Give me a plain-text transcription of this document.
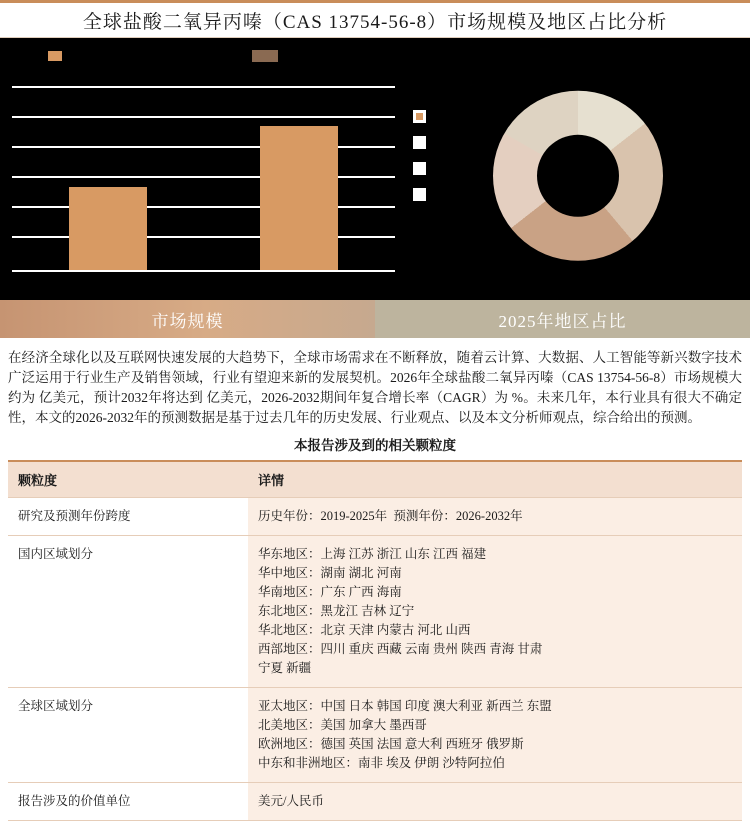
全球盐酸二氧异丙嗪（CAS 13754-56-8）市场规模及地区占比分析

市场规模	2025年地区占比
在经济全球化以及互联网快速发展的大趋势下，全球市场需求在不断释放，随着云计算、大数据、人工智能等新兴数字技术广泛运用于行业生产及销售领域，行业有望迎来新的发展契机。2026年全球盐酸二氧异丙嗪（CAS 13754-56-8）市场规模大约为 亿美元，预计2032年将达到 亿美元，2026-2032期间年复合增长率（CAGR）为 %。未来几年，本行业具有很大不确定性，本文的2026-2032年的预测数据是基于过去几年的历史发展、行业观点、以及本文分析师观点，综合给出的预测。
本报告涉及到的相关颗粒度
颗粒度	详情
研究及预测年份跨度	历史年份：2019-2025年  预测年份：2026-2032年

国内区域划分	华东地区：上海 江苏 浙江 山东 江西 福建
华中地区：湖南 湖北 河南
华南地区：广东 广西 海南
东北地区：黑龙江 吉林 辽宁
华北地区：北京 天津 内蒙古 河北 山西
西部地区：四川 重庆 西藏 云南 贵州 陕西 青海 甘肃
宁夏 新疆

全球区域划分	亚太地区：中国 日本 韩国 印度 澳大利亚 新西兰 东盟
北美地区：美国 加拿大 墨西哥
欧洲地区：德国 英国 法国 意大利 西班牙 俄罗斯
中东和非洲地区：南非 埃及 伊朗 沙特阿拉伯

报告涉及的价值单位	美元/人民币
